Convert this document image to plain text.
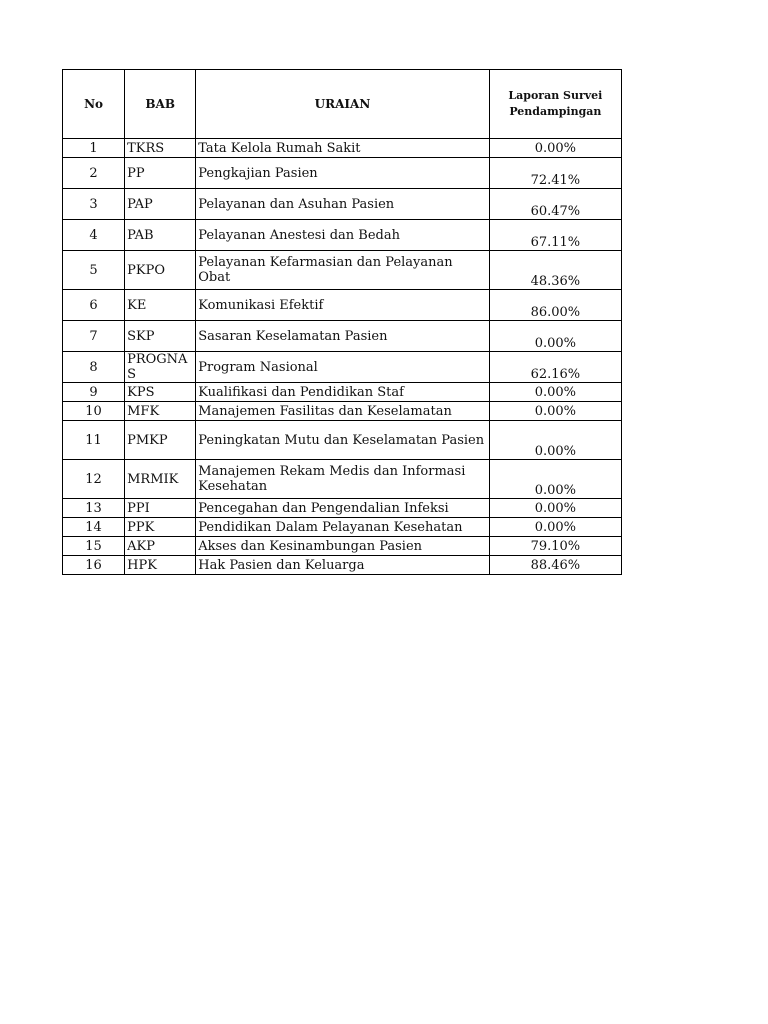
No	BAB	URAIAN	Laporan Survei Pendampingan
1	TKRS	Tata Kelola Rumah Sakit	0.00%
2	PP	Pengkajian Pasien	72.41%
3	PAP	Pelayanan dan Asuhan Pasien	60.47%
4	PAB	Pelayanan Anestesi dan Bedah	67.11%
5	PKPO	Pelayanan Kefarmasian dan Pelayanan Obat	48.36%
6	KE	Komunikasi Efektif	86.00%
7	SKP	Sasaran Keselamatan Pasien	0.00%
8	PROGNAS	Program Nasional	62.16%
9	KPS	Kualifikasi dan Pendidikan Staf	0.00%
10	MFK	Manajemen Fasilitas dan Keselamatan	0.00%
11	PMKP	Peningkatan Mutu dan Keselamatan Pasien	0.00%
12	MRMIK	Manajemen Rekam Medis dan Informasi Kesehatan	0.00%
13	PPI	Pencegahan dan Pengendalian Infeksi	0.00%
14	PPK	Pendidikan Dalam Pelayanan Kesehatan	0.00%
15	AKP	Akses dan Kesinambungan Pasien	79.10%
16	HPK	Hak Pasien dan Keluarga	88.46%
